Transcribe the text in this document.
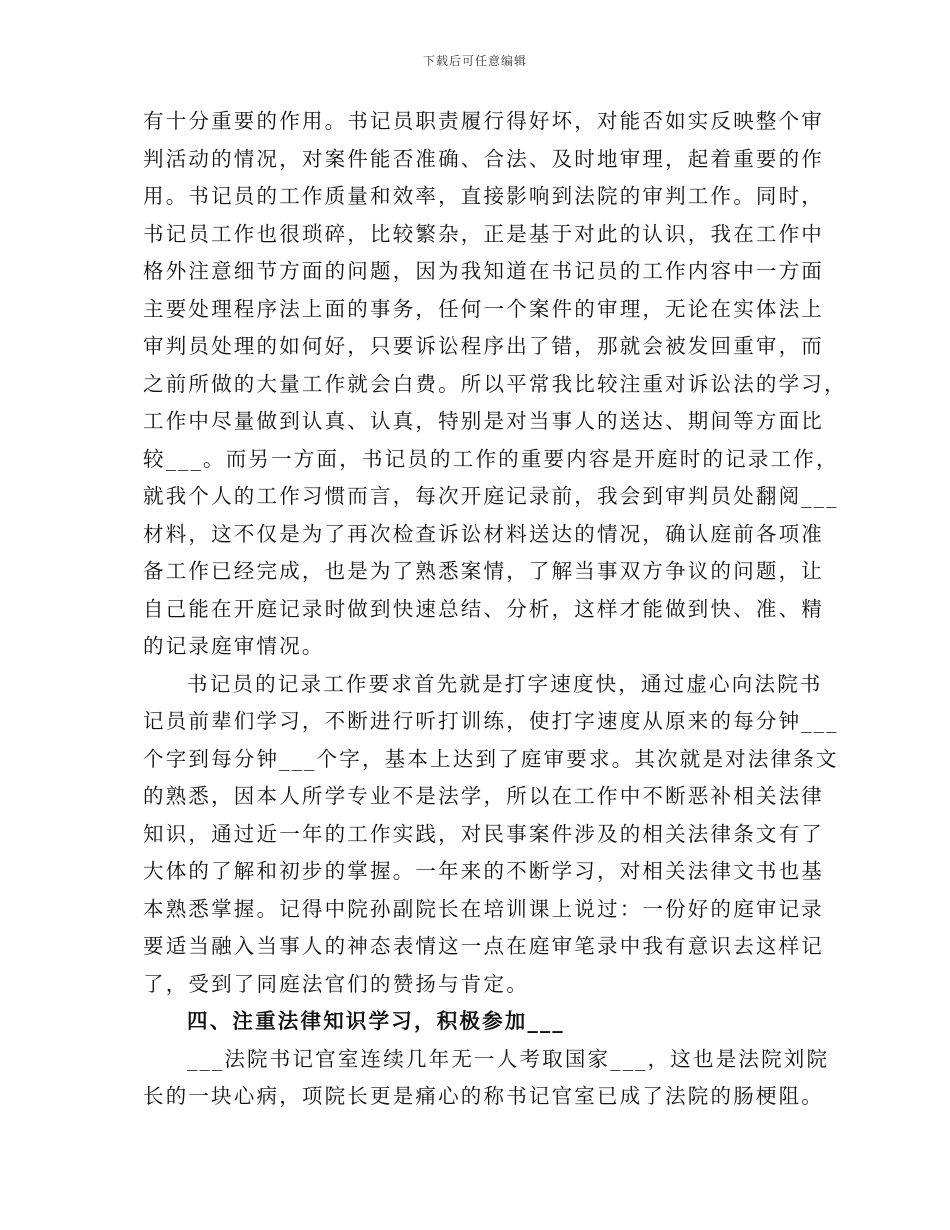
下载后可任意编辑
有十分重要的作用。书记员职责履行得好坏，对能否如实反映整个审
判活动的情况，对案件能否准确、合法、及时地审理，起着重要的作
用。书记员的工作质量和效率，直接影响到法院的审判工作。同时，
书记员工作也很琐碎，比较繁杂，正是基于对此的认识，我在工作中
格外注意细节方面的问题，因为我知道在书记员的工作内容中一方面
主要处理程序法上面的事务，任何一个案件的审理，无论在实体法上
审判员处理的如何好，只要诉讼程序出了错，那就会被发回重审，而
之前所做的大量工作就会白费。所以平常我比较注重对诉讼法的学习，
工作中尽量做到认真、认真，特别是对当事人的送达、期间等方面比
较___。而另一方面，书记员的工作的重要内容是开庭时的记录工作，
就我个人的工作习惯而言，每次开庭记录前，我会到审判员处翻阅___
材料，这不仅是为了再次检查诉讼材料送达的情况，确认庭前各项准
备工作已经完成，也是为了熟悉案情，了解当事双方争议的问题，让
自己能在开庭记录时做到快速总结、分析，这样才能做到快、准、精
的记录庭审情况。
书记员的记录工作要求首先就是打字速度快，通过虚心向法院书
记员前辈们学习，不断进行听打训练，使打字速度从原来的每分钟___
个字到每分钟___个字，基本上达到了庭审要求。其次就是对法律条文
的熟悉，因本人所学专业不是法学，所以在工作中不断恶补相关法律
知识，通过近一年的工作实践，对民事案件涉及的相关法律条文有了
大体的了解和初步的掌握。一年来的不断学习，对相关法律文书也基
本熟悉掌握。记得中院孙副院长在培训课上说过：一份好的庭审记录
要适当融入当事人的神态表情这一点在庭审笔录中我有意识去这样记
了，受到了同庭法官们的赞扬与肯定。
四、注重法律知识学习，积极参加___
___法院书记官室连续几年无一人考取国家___，这也是法院刘院
长的一块心病，项院长更是痛心的称书记官室已成了法院的肠梗阻。
